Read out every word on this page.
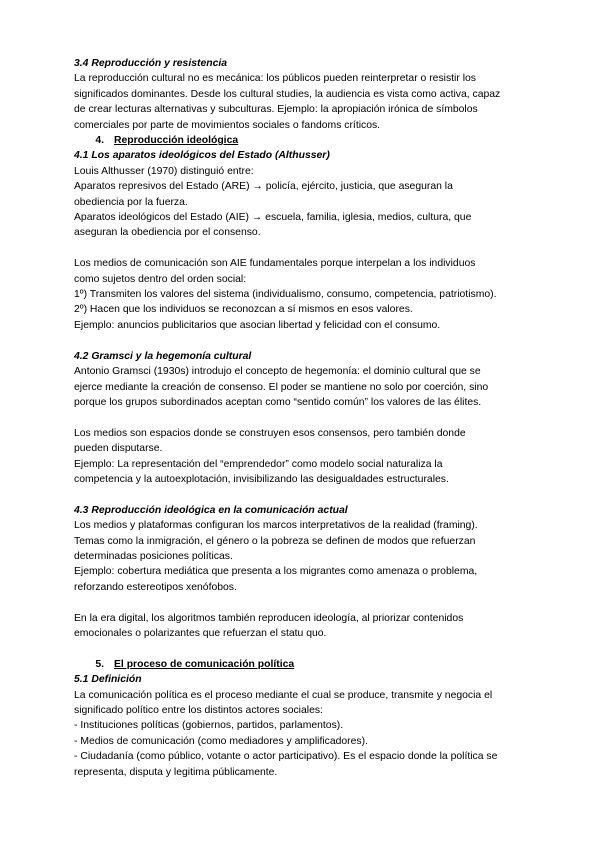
3.4 Reproducción y resistencia
La reproducción cultural no es mecánica: los públicos pueden reinterpretar o resistir los
significados dominantes. Desde los cultural studies, la audiencia es vista como activa, capaz
de crear lecturas alternativas y subculturas. Ejemplo: la apropiación irónica de símbolos
comerciales por parte de movimientos sociales o fandoms críticos.
4. Reproducción ideológica
4.1 Los aparatos ideológicos del Estado (Althusser)
Louis Althusser (1970) distinguió entre:
Aparatos represivos del Estado (ARE) → policía, ejército, justicia, que aseguran la
obediencia por la fuerza.
Aparatos ideológicos del Estado (AIE) → escuela, familia, iglesia, medios, cultura, que
aseguran la obediencia por el consenso.
Los medios de comunicación son AIE fundamentales porque interpelan a los individuos
como sujetos dentro del orden social:
1º) Transmiten los valores del sistema (individualismo, consumo, competencia, patriotismo).
2º) Hacen que los individuos se reconozcan a sí mismos en esos valores.
Ejemplo: anuncios publicitarios que asocian libertad y felicidad con el consumo.
4.2 Gramsci y la hegemonía cultural
Antonio Gramsci (1930s) introdujo el concepto de hegemonía: el dominio cultural que se
ejerce mediante la creación de consenso. El poder se mantiene no solo por coerción, sino
porque los grupos subordinados aceptan como “sentido común” los valores de las élites.
Los medios son espacios donde se construyen esos consensos, pero también donde
pueden disputarse.
Ejemplo: La representación del “emprendedor” como modelo social naturaliza la
competencia y la autoexplotación, invisibilizando las desigualdades estructurales.
4.3 Reproducción ideológica en la comunicación actual
Los medios y plataformas configuran los marcos interpretativos de la realidad (framing).
Temas como la inmigración, el género o la pobreza se definen de modos que refuerzan
determinadas posiciones políticas.
Ejemplo: cobertura mediática que presenta a los migrantes como amenaza o problema,
reforzando estereotipos xenófobos.
En la era digital, los algoritmos también reproducen ideología, al priorizar contenidos
emocionales o polarizantes que refuerzan el statu quo.
5. El proceso de comunicación política
5.1 Definición
La comunicación política es el proceso mediante el cual se produce, transmite y negocia el
significado político entre los distintos actores sociales:
- Instituciones políticas (gobiernos, partidos, parlamentos).
- Medios de comunicación (como mediadores y amplificadores).
- Ciudadanía (como público, votante o actor participativo). Es el espacio donde la política se
representa, disputa y legitima públicamente.
